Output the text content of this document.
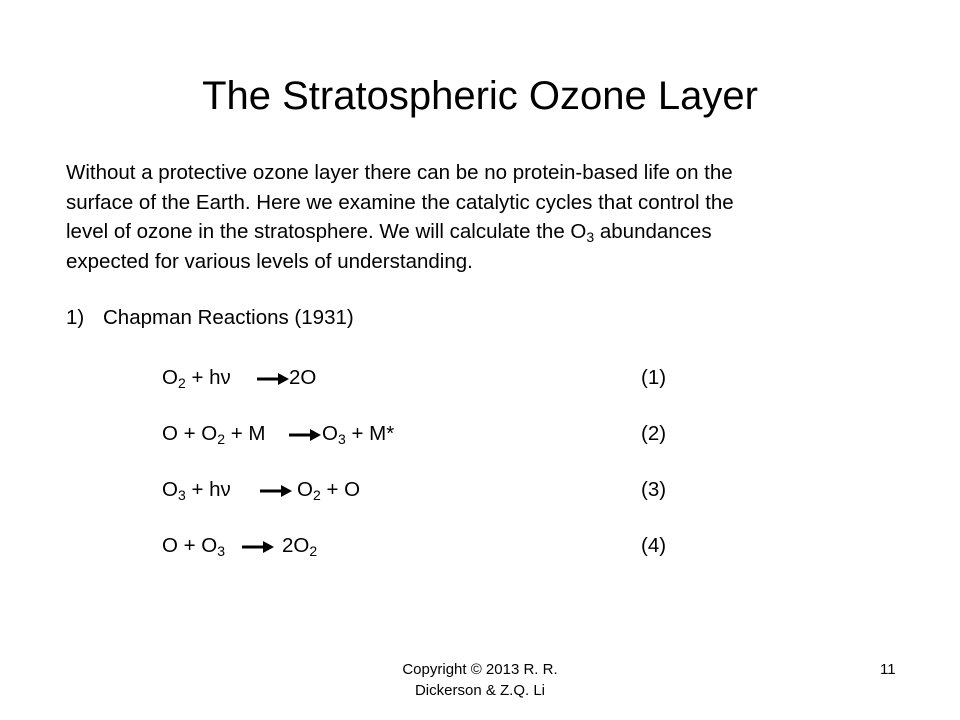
The Stratospheric Ozone Layer

Without a protective ozone layer there can be no protein-based life on the

surface of the Earth. Here we examine the catalytic cycles that control the

level of ozone in the stratosphere. We will calculate the $O_3$ abundances

expected for various levels of understanding.

1) Chapman Reactions (1931)
$O_2 + h\nu \to 2O$	(1)
$O + O_2 + M \to O_3 + M*$	(2)
$O_3 + h\nu \to O_2 + O$	(3)
$O + O_3 \to 2O_2$	(4)
Copyright © 2013 R. R.
Dickerson & Z.Q. Li
11
